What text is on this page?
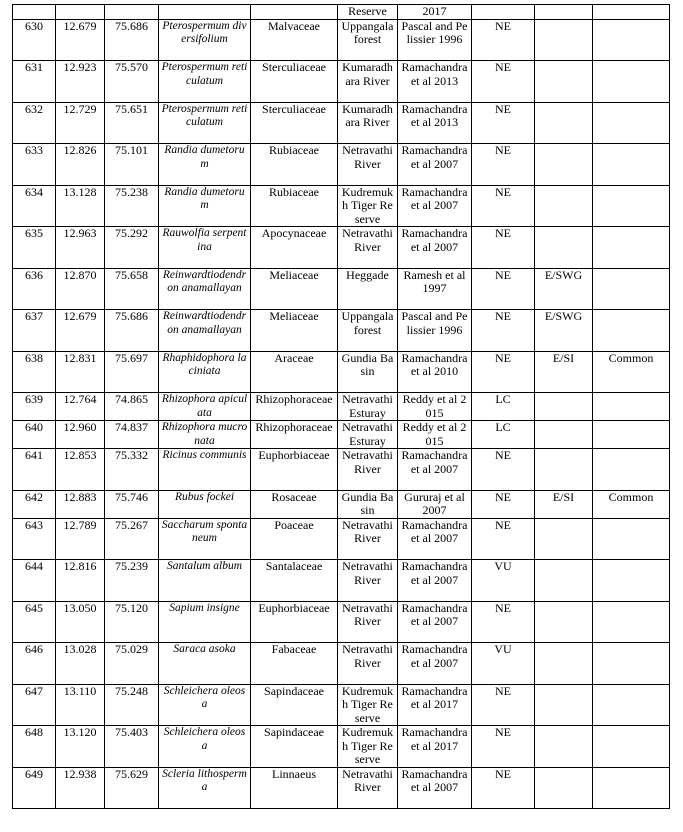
					Reserve	2017			
630	12.679	75.686	Pterospermum diversifolium	Malvaceae	Uppangala forest	Pascal and Pelissier 1996	NE		
631	12.923	75.570	Pterospermum reticulatum	Sterculiaceae	Kumaradhara River	Ramachandra et al 2013	NE		
632	12.729	75.651	Pterospermum reticulatum	Sterculiaceae	Kumaradhara River	Ramachandra et al 2013	NE		
633	12.826	75.101	Randia dumetorum	Rubiaceae	Netravathi River	Ramachandra et al 2007	NE		
634	13.128	75.238	Randia dumetorum	Rubiaceae	Kudremukh Tiger Reserve	Ramachandra et al 2007	NE		
635	12.963	75.292	Rauwolfia serpentina	Apocynaceae	Netravathi River	Ramachandra et al 2007	NE		
636	12.870	75.658	Reinwardtiodendron anamallayan	Meliaceae	Heggade	Ramesh et al 1997	NE	E/SWG	
637	12.679	75.686	Reinwardtiodendron anamallayan	Meliaceae	Uppangala forest	Pascal and Pelissier 1996	NE	E/SWG	
638	12.831	75.697	Rhaphidophora laciniata	Araceae	Gundia Basin	Ramachandra et al 2010	NE	E/SI	Common
639	12.764	74.865	Rhizophora apiculata	Rhizophoraceae	Netravathi Esturay	Reddy et al 2015	LC		
640	12.960	74.837	Rhizophora mucronata	Rhizophoraceae	Netravathi Esturay	Reddy et al 2015	LC		
641	12.853	75.332	Ricinus communis	Euphorbiaceae	Netravathi River	Ramachandra et al 2007	NE		
642	12.883	75.746	Rubus fockei	Rosaceae	Gundia Basin	Gururaj et al 2007	NE	E/SI	Common
643	12.789	75.267	Saccharum spontaneum	Poaceae	Netravathi River	Ramachandra et al 2007	NE		
644	12.816	75.239	Santalum album	Santalaceae	Netravathi River	Ramachandra et al 2007	VU		
645	13.050	75.120	Sapium insigne	Euphorbiaceae	Netravathi River	Ramachandra et al 2007	NE		
646	13.028	75.029	Saraca asoka	Fabaceae	Netravathi River	Ramachandra et al 2007	VU		
647	13.110	75.248	Schleichera oleosa	Sapindaceae	Kudremukh Tiger Reserve	Ramachandra et al 2017	NE		
648	13.120	75.403	Schleichera oleosa	Sapindaceae	Kudremukh Tiger Reserve	Ramachandra et al 2017	NE		
649	12.938	75.629	Scleria lithosperma	Linnaeus	Netravathi River	Ramachandra et al 2007	NE		
